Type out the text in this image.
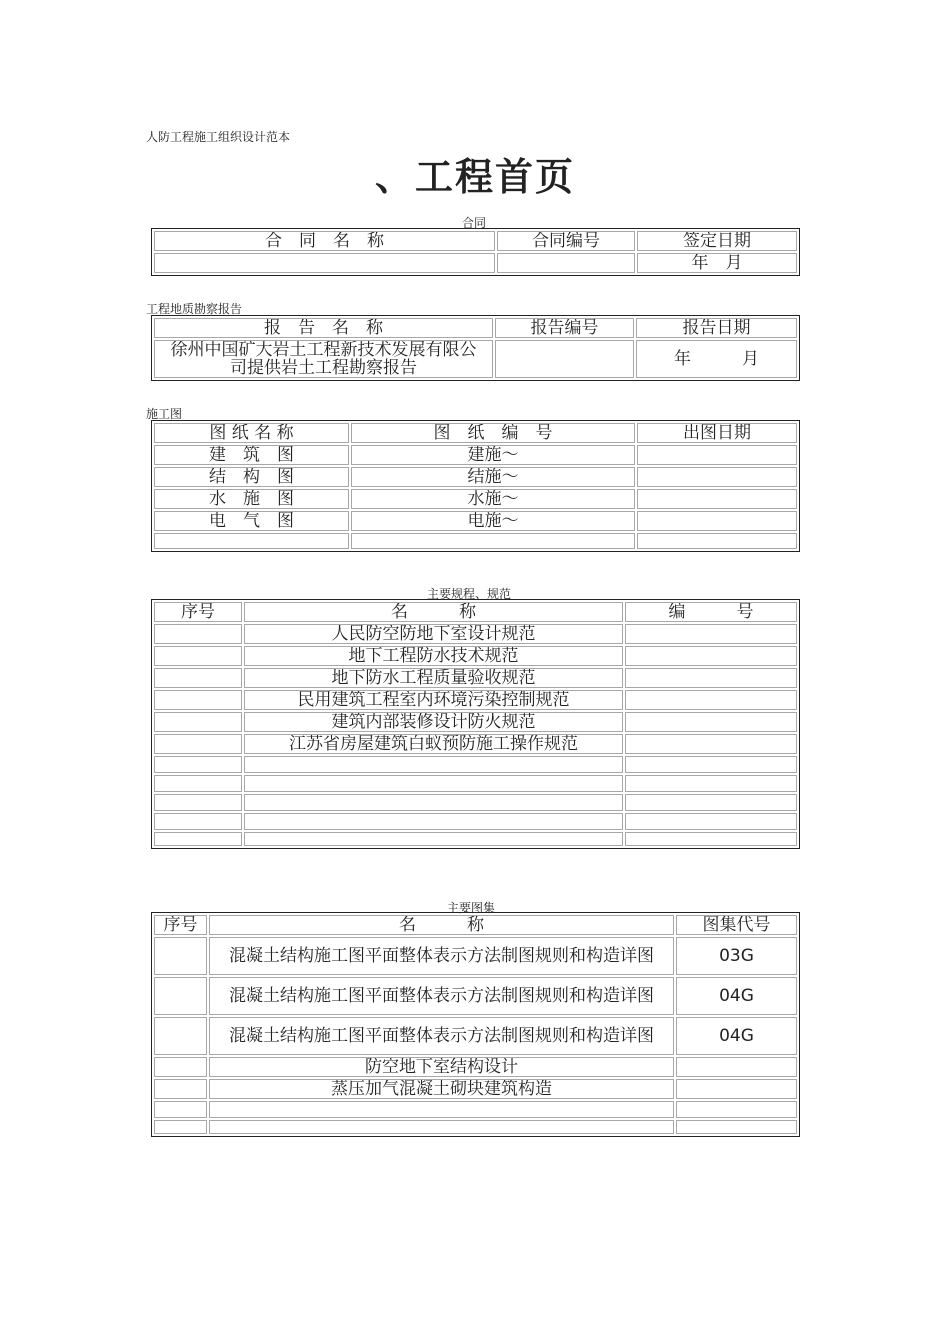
人防工程施工组织设计范本
、工程首页
合同
合　同　名　称	合同编号	签定日期
		年　月
工程地质勘察报告
报　告　名　称	报告编号	报告日期
徐州中国矿大岩土工程新技术发展有限公司提供岩土工程勘察报告		年　　　月
施工图
图 纸 名 称	图　纸　编　号	出图日期
建　筑　图	建施～	
结　构　图	结施～	
水　施　图	水施～	
电　气　图	电施～	

主要规程、规范
序号	名　　　称	编　　　号
	人民防空防地下室设计规范	
	地下工程防水技术规范	
	地下防水工程质量验收规范	
	民用建筑工程室内环境污染控制规范	
	建筑内部装修设计防火规范	
	江苏省房屋建筑白蚁预防施工操作规范	

主要图集
序号	名　　　称	图集代号
	混凝土结构施工图平面整体表示方法制图规则和构造详图	03G
	混凝土结构施工图平面整体表示方法制图规则和构造详图	04G
	混凝土结构施工图平面整体表示方法制图规则和构造详图	04G
	防空地下室结构设计	
	蒸压加气混凝土砌块建筑构造	
